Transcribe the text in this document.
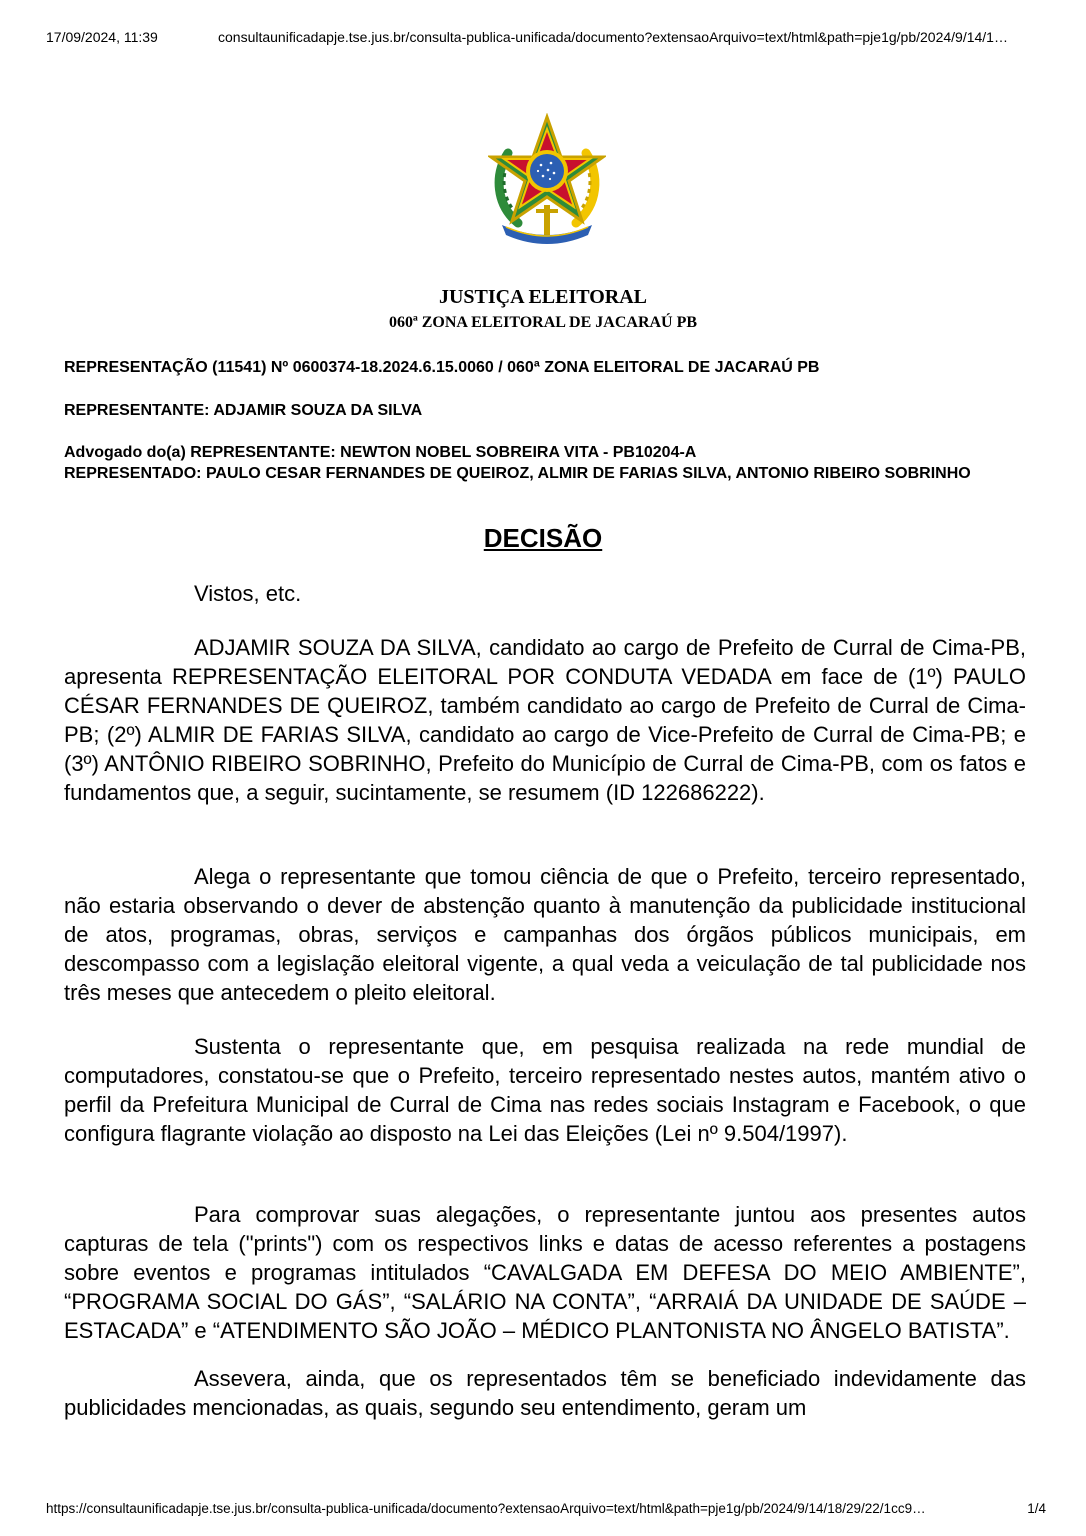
17/09/2024, 11:39	consultaunificadapje.tse.jus.br/consulta-publica-unificada/documento?extensaoArquivo=text/html&path=pje1g/pb/2024/9/14/1…
JUSTIÇA ELEITORAL
060ª ZONA ELEITORAL DE JACARAÚ PB

REPRESENTAÇÃO (11541) Nº 0600374-18.2024.6.15.0060 / 060ª ZONA ELEITORAL DE JACARAÚ PB

REPRESENTANTE: ADJAMIR SOUZA DA SILVA

Advogado do(a) REPRESENTANTE: NEWTON NOBEL SOBREIRA VITA - PB10204-A

REPRESENTADO: PAULO CESAR FERNANDES DE QUEIROZ, ALMIR DE FARIAS SILVA, ANTONIO RIBEIRO SOBRINHO

DECISÃO

Vistos, etc.

ADJAMIR SOUZA DA SILVA, candidato ao cargo de Prefeito de Curral de Cima-PB, apresenta REPRESENTAÇÃO ELEITORAL POR CONDUTA VEDADA em face de (1º) PAULO CÉSAR FERNANDES DE QUEIROZ, também candidato ao cargo de Prefeito de Curral de Cima-PB; (2º) ALMIR DE FARIAS SILVA, candidato ao cargo de Vice-Prefeito de Curral de Cima-PB; e (3º) ANTÔNIO RIBEIRO SOBRINHO, Prefeito do Município de Curral de Cima-PB, com os fatos e fundamentos que, a seguir, sucintamente, se resumem (ID 122686222).

Alega o representante que tomou ciência de que o Prefeito, terceiro representado, não estaria observando o dever de abstenção quanto à manutenção da publicidade institucional de atos, programas, obras, serviços e campanhas dos órgãos públicos municipais, em descompasso com a legislação eleitoral vigente, a qual veda a veiculação de tal publicidade nos três meses que antecedem o pleito eleitoral.

Sustenta o representante que, em pesquisa realizada na rede mundial de computadores, constatou-se que o Prefeito, terceiro representado nestes autos, mantém ativo o perfil da Prefeitura Municipal de Curral de Cima nas redes sociais Instagram e Facebook, o que configura flagrante violação ao disposto na Lei das Eleições (Lei nº 9.504/1997).

Para comprovar suas alegações, o representante juntou aos presentes autos capturas de tela ("prints") com os respectivos links e datas de acesso referentes a postagens sobre eventos e programas intitulados “CAVALGADA EM DEFESA DO MEIO AMBIENTE”, “PROGRAMA SOCIAL DO GÁS”, “SALÁRIO NA CONTA”, “ARRAIÁ DA UNIDADE DE SAÚDE – ESTACADA” e “ATENDIMENTO SÃO JOÃO – MÉDICO PLANTONISTA NO ÂNGELO BATISTA”.

Assevera, ainda, que os representados têm se beneficiado indevidamente das publicidades mencionadas, as quais, segundo seu entendimento, geram um

https://consultaunificadapje.tse.jus.br/consulta-publica-unificada/documento?extensaoArquivo=text/html&path=pje1g/pb/2024/9/14/18/29/22/1cc9…	1/4
